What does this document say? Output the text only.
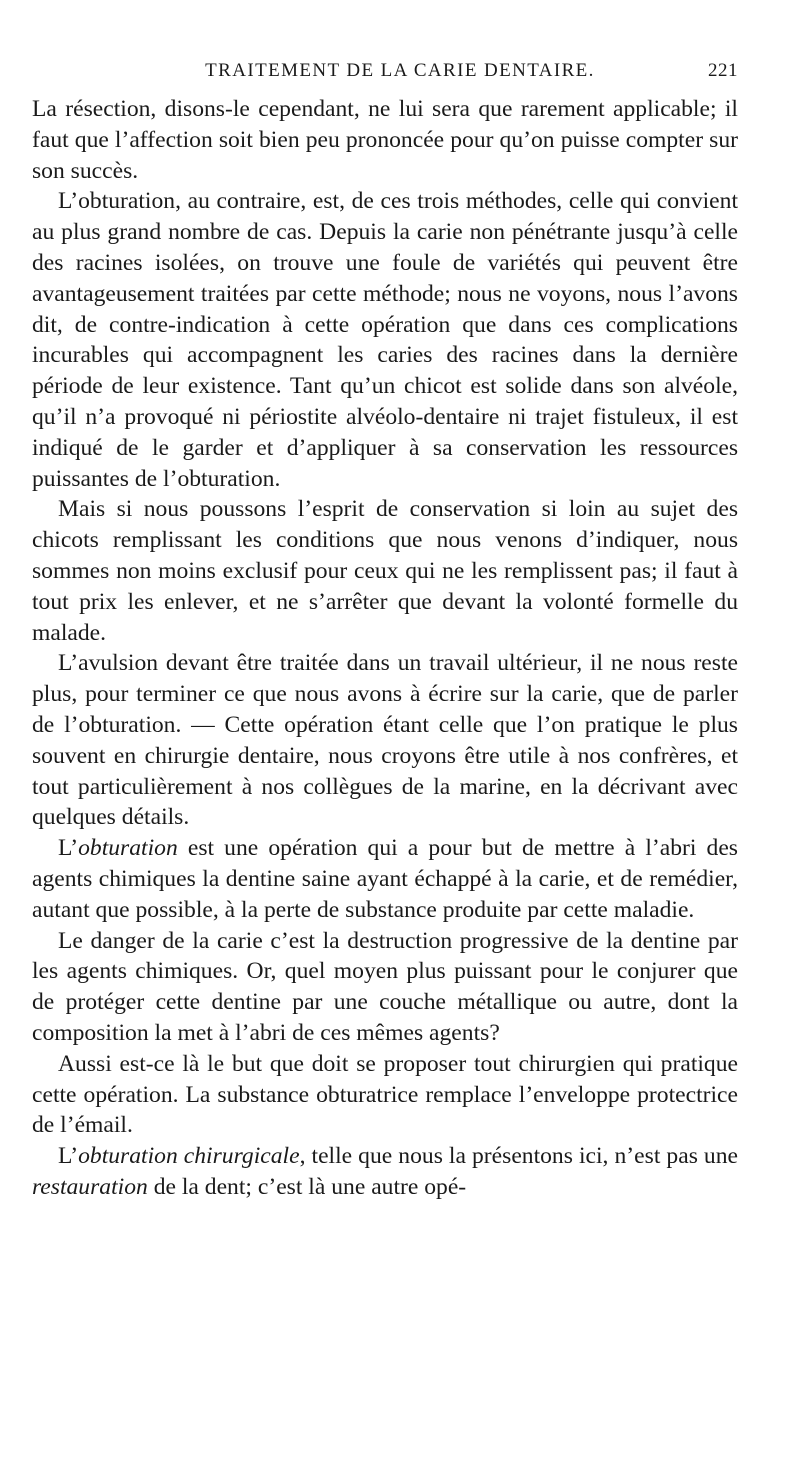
TRAITEMENT DE LA CARIE DENTAIRE.	221

La résection, disons-le cependant, ne lui sera que rarement applicable; il faut que l’affection soit bien peu prononcée pour qu’on puisse compter sur son succès.

L’obturation, au contraire, est, de ces trois méthodes, celle qui convient au plus grand nombre de cas. Depuis la carie non pénétrante jusqu’à celle des racines isolées, on trouve une foule de variétés qui peuvent être avantageusement traitées par cette méthode; nous ne voyons, nous l’avons dit, de contre-indication à cette opération que dans ces complications incurables qui accompagnent les caries des racines dans la dernière période de leur existence. Tant qu’un chicot est solide dans son alvéole, qu’il n’a provoqué ni périostite alvéolo-dentaire ni trajet fistuleux, il est indiqué de le garder et d’appliquer à sa conservation les ressources puissantes de l’obturation.

Mais si nous poussons l’esprit de conservation si loin au sujet des chicots remplissant les conditions que nous venons d’indiquer, nous sommes non moins exclusif pour ceux qui ne les remplissent pas; il faut à tout prix les enlever, et ne s’arrêter que devant la volonté formelle du malade.

L’avulsion devant être traitée dans un travail ultérieur, il ne nous reste plus, pour terminer ce que nous avons à écrire sur la carie, que de parler de l’obturation. — Cette opération étant celle que l’on pratique le plus souvent en chirurgie dentaire, nous croyons être utile à nos confrères, et tout particulièrement à nos collègues de la marine, en la décrivant avec quelques détails.

L’obturation est une opération qui a pour but de mettre à l’abri des agents chimiques la dentine saine ayant échappé à la carie, et de remédier, autant que possible, à la perte de substance produite par cette maladie.

Le danger de la carie c’est la destruction progressive de la dentine par les agents chimiques. Or, quel moyen plus puissant pour le conjurer que de protéger cette dentine par une couche métallique ou autre, dont la composition la met à l’abri de ces mêmes agents?

Aussi est-ce là le but que doit se proposer tout chirurgien qui pratique cette opération. La substance obturatrice remplace l’enveloppe protectrice de l’émail.

L’obturation chirurgicale, telle que nous la présentons ici, n’est pas une restauration de la dent; c’est là une autre opé-
